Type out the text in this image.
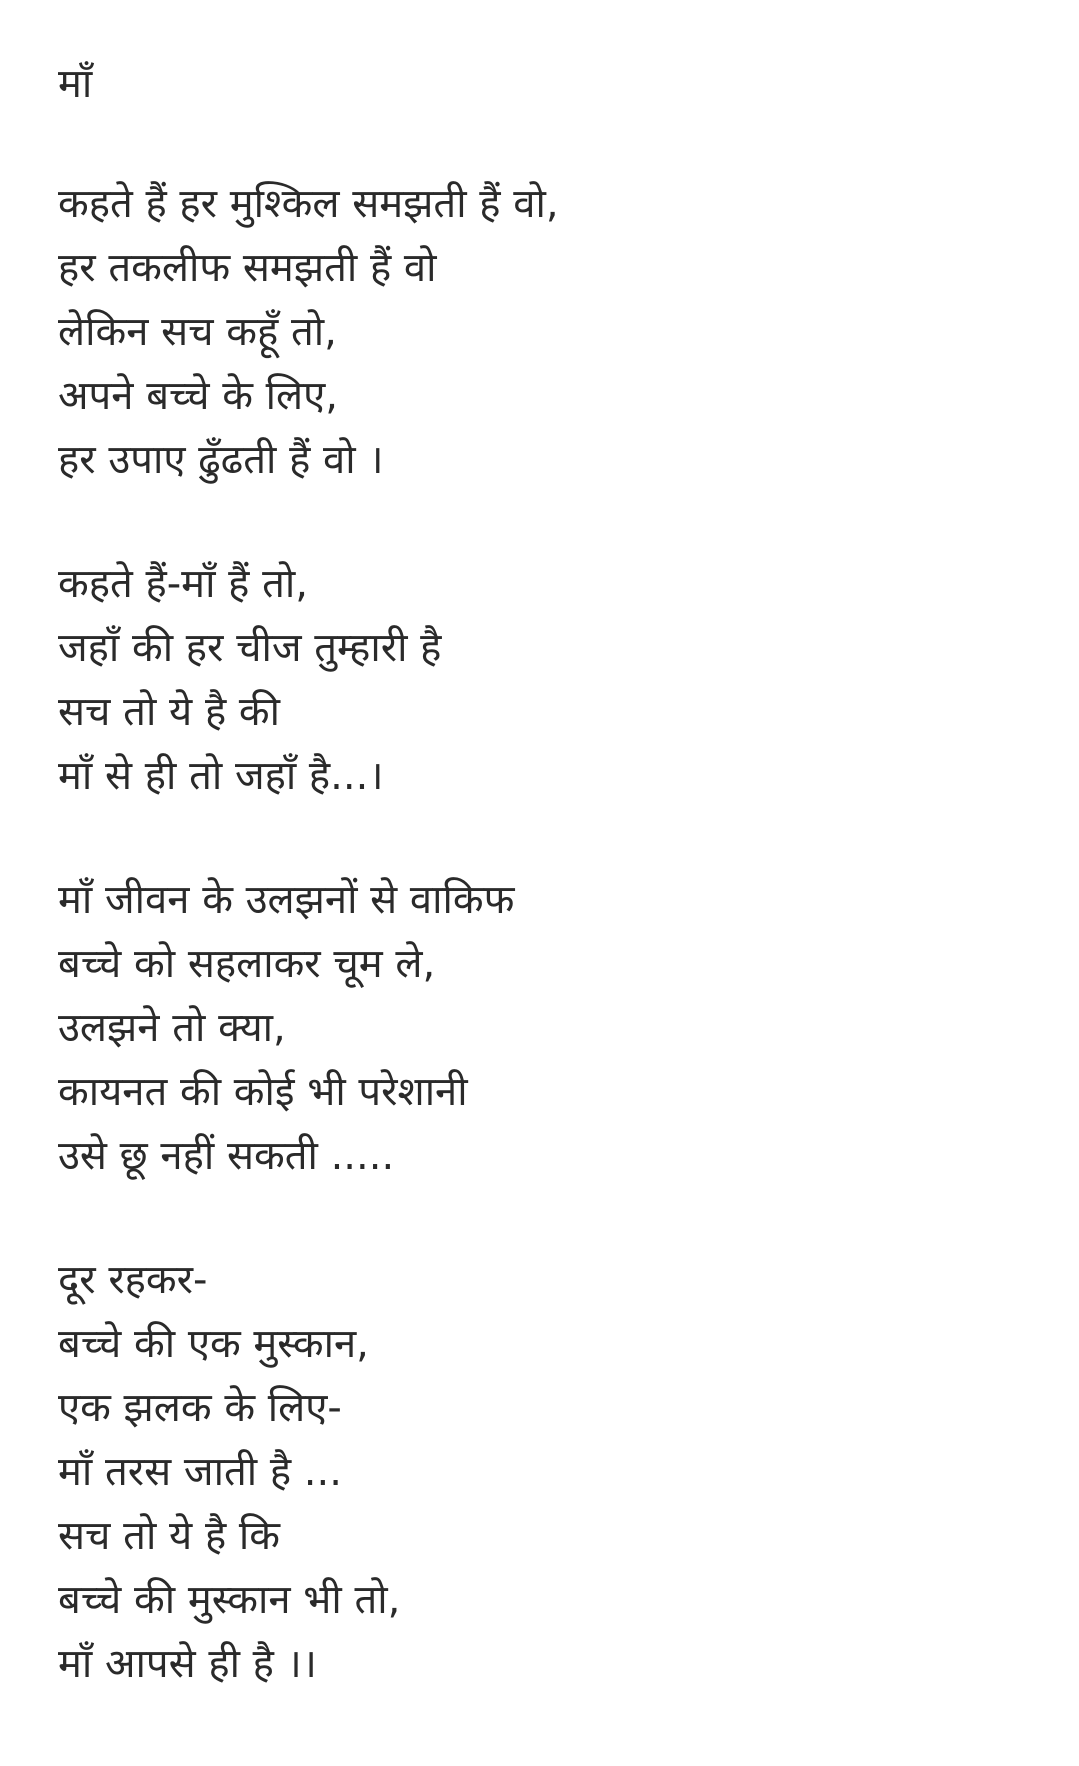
माँ
कहते हैं हर मुश्किल समझती हैं वो,
हर तकलीफ समझती हैं वो
लेकिन सच कहूँ तो,
अपने बच्चे के लिए,
हर उपाए ढुँढती हैं वो ।
कहते हैं-माँ हैं तो,
जहाँ की हर चीज तुम्हारी है
सच तो ये है की
माँ से ही तो जहाँ है...।
माँ जीवन के उलझनों से वाकिफ
बच्चे को सहलाकर चूम ले,
उलझने तो क्या,
कायनत की कोई भी परेशानी
उसे छू नहीं सकती .....
दूर रहकर-
बच्चे की एक मुस्कान,
एक झलक के लिए-
माँ तरस जाती है ...
सच तो ये है कि
बच्चे की मुस्कान भी तो,
माँ आपसे ही है ।।
